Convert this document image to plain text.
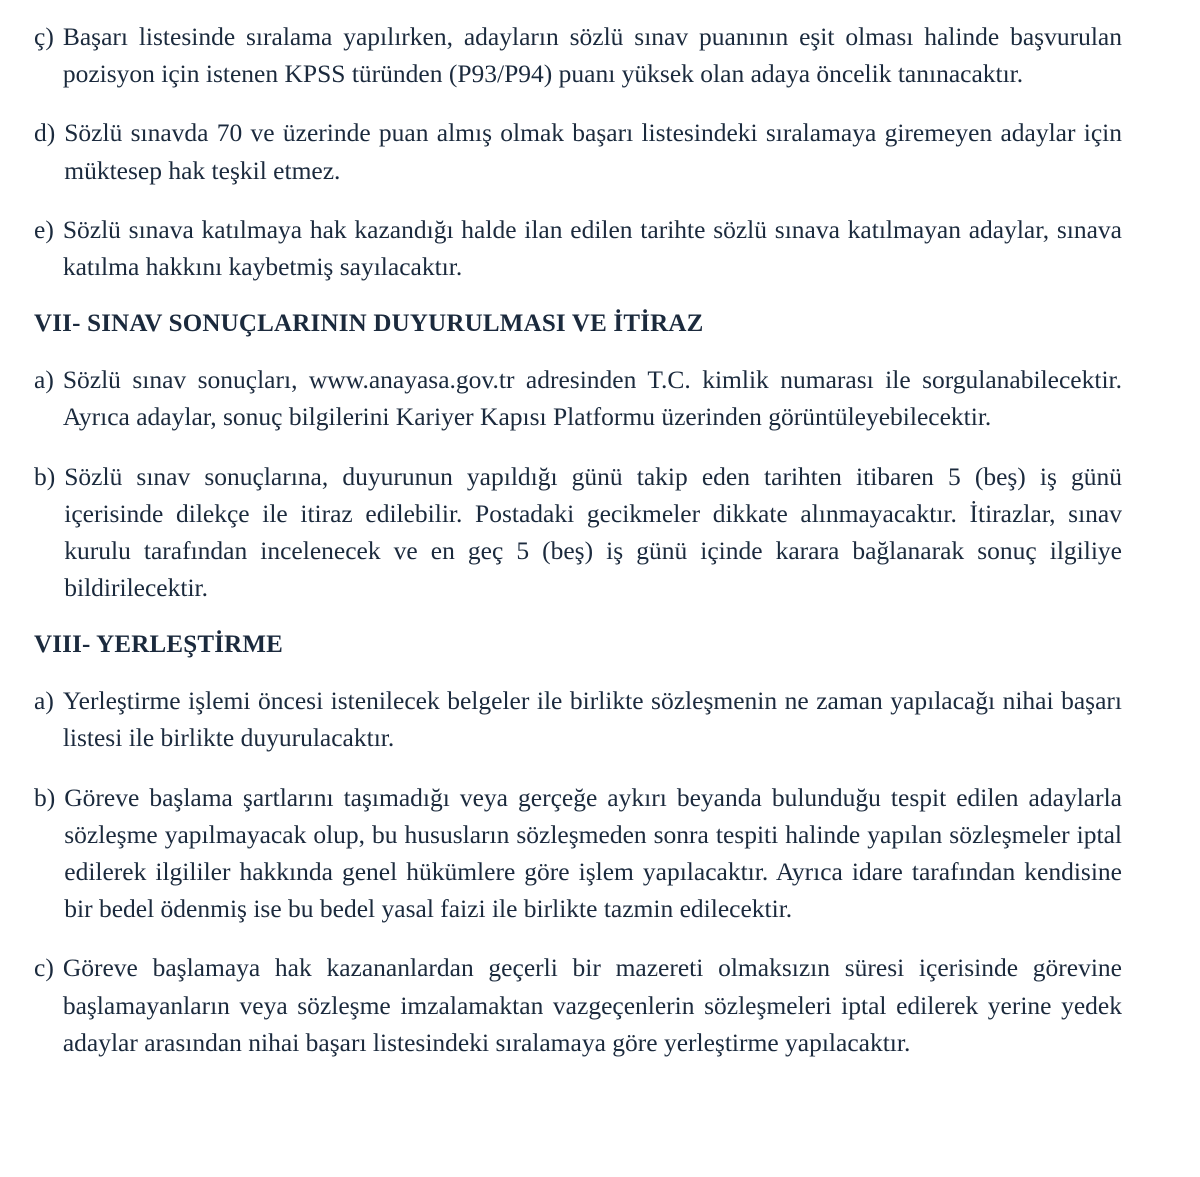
ç) Başarı listesinde sıralama yapılırken, adayların sözlü sınav puanının eşit olması halinde başvurulan pozisyon için istenen KPSS türünden (P93/P94) puanı yüksek olan adaya öncelik tanınacaktır.
d) Sözlü sınavda 70 ve üzerinde puan almış olmak başarı listesindeki sıralamaya giremeyen adaylar için müktesep hak teşkil etmez.
e) Sözlü sınava katılmaya hak kazandığı halde ilan edilen tarihte sözlü sınava katılmayan adaylar, sınava katılma hakkını kaybetmiş sayılacaktır.
VII- SINAV SONUÇLARININ DUYURULMASI VE İTİRAZ
a) Sözlü sınav sonuçları, www.anayasa.gov.tr adresinden T.C. kimlik numarası ile sorgulanabilecektir. Ayrıca adaylar, sonuç bilgilerini Kariyer Kapısı Platformu üzerinden görüntüleyebilecektir.
b) Sözlü sınav sonuçlarına, duyurunun yapıldığı günü takip eden tarihten itibaren 5 (beş) iş günü içerisinde dilekçe ile itiraz edilebilir. Postadaki gecikmeler dikkate alınmayacaktır. İtirazlar, sınav kurulu tarafından incelenecek ve en geç 5 (beş) iş günü içinde karara bağlanarak sonuç ilgiliye bildirilecektir.
VIII- YERLEŞTİRME
a) Yerleştirme işlemi öncesi istenilecek belgeler ile birlikte sözleşmenin ne zaman yapılacağı nihai başarı listesi ile birlikte duyurulacaktır.
b) Göreve başlama şartlarını taşımadığı veya gerçeğe aykırı beyanda bulunduğu tespit edilen adaylarla sözleşme yapılmayacak olup, bu hususların sözleşmeden sonra tespiti halinde yapılan sözleşmeler iptal edilerek ilgililer hakkında genel hükümlere göre işlem yapılacaktır. Ayrıca idare tarafından kendisine bir bedel ödenmiş ise bu bedel yasal faizi ile birlikte tazmin edilecektir.
c) Göreve başlamaya hak kazananlardan geçerli bir mazereti olmaksızın süresi içerisinde görevine başlamayanların veya sözleşme imzalamaktan vazgeçenlerin sözleşmeleri iptal edilerek yerine yedek adaylar arasından nihai başarı listesindeki sıralamaya göre yerleştirme yapılacaktır.
